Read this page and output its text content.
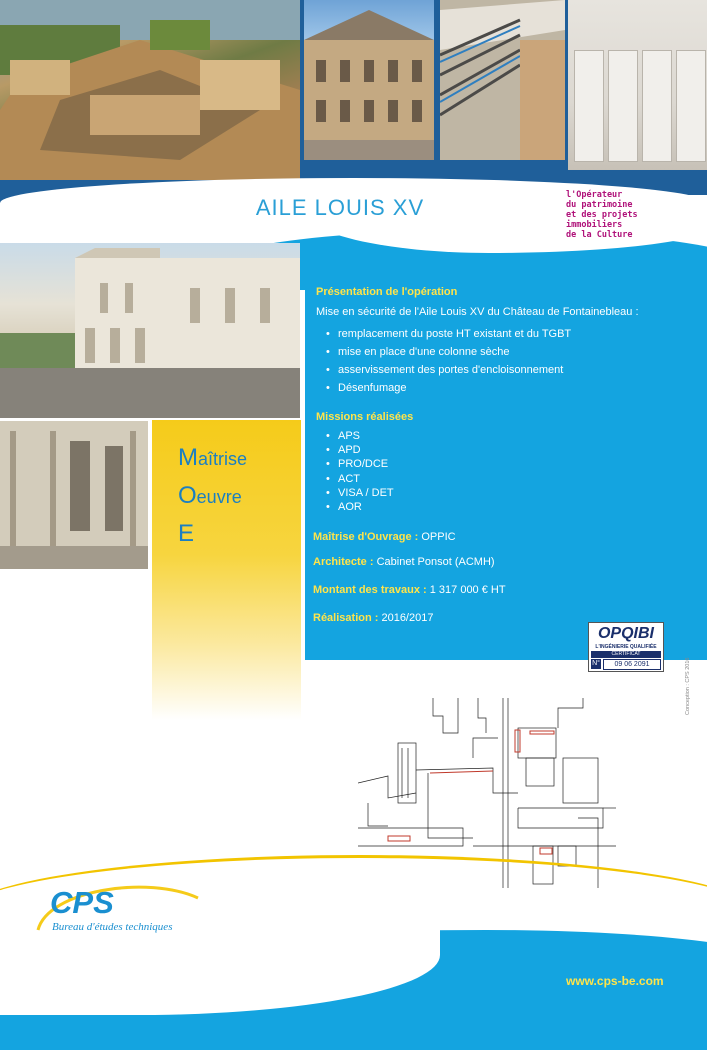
AILE LOUIS XV	l'Opérateur
du patrimoine
et des projets
immobiliers
de la Culture
Maîtrise
Oeuvre
E
Présentation de l'opération
Mise en sécurité de l'Aile Louis XV du Château de Fontainebleau :
• remplacement du poste HT existant et du TGBT
• mise en place d'une colonne sèche
• asservissement des portes d'encloisonnement
• Désenfumage
Missions réalisées
• APS
• APD
• PRO/DCE
• ACT
• VISA / DET
• AOR
Maîtrise d'Ouvrage : OPPIC
Architecte : Cabinet Ponsot (ACMH)
Montant des travaux : 1 317 000 € HT
Réalisation : 2016/2017
OPQIBI
L'INGÉNIERIE QUALIFIÉE
CERTIFICAT
N°	09 06 2091	Conception : CPS 2016
CPS
Bureau d'études techniques
www.cps-be.com
